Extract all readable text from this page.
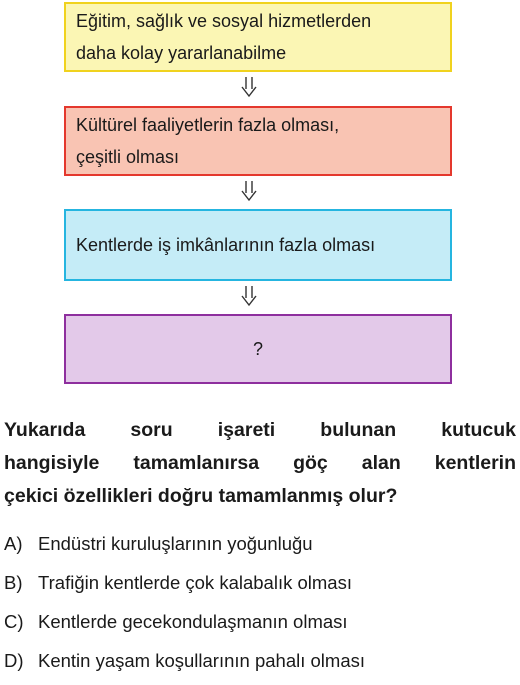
Eğitim, sağlık ve sosyal hizmetlerden
daha kolay yararlanabilme
Kültürel faaliyetlerin fazla olması,
çeşitli olması
Kentlerde iş imkânlarının fazla olması
?
Yukarıda soru işareti bulunan kutucuk
hangisiyle tamamlanırsa göç alan kentlerin
çekici özellikleri doğru tamamlanmış olur?
A) Endüstri kuruluşlarının yoğunluğu
B) Trafiğin kentlerde çok kalabalık olması
C) Kentlerde gecekondulaşmanın olması
D) Kentin yaşam koşullarının pahalı olması
